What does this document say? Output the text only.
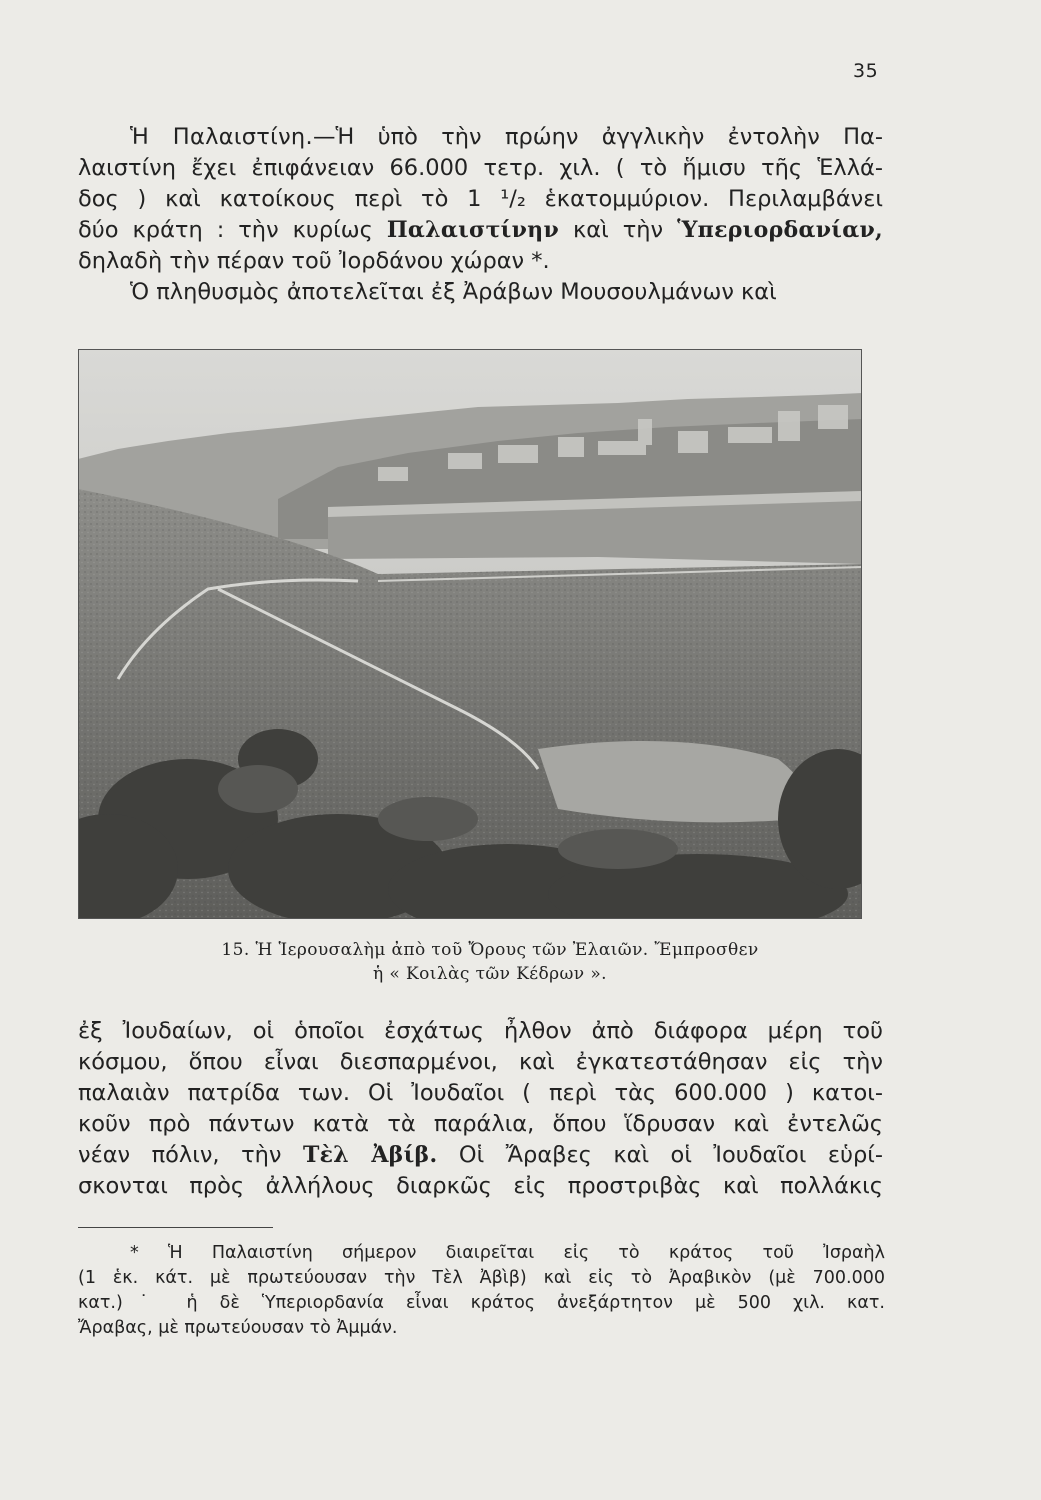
35
Ἡ Παλαιστίνη.—Ἡ ὑπὸ τὴν πρώην ἀγγλικὴν ἐντολὴν Πα-
λαιστίνη ἔχει ἐπιφάνειαν 66.000 τετρ. χιλ. ( τὸ ἥμισυ τῆς Ἑλλά-
δος ) καὶ κατοίκους περὶ τὸ 1 ¹/₂ ἑκατομμύριον. Περιλαμβάνει
δύο κράτη : τὴν κυρίως Παλαιστίνην καὶ τὴν Ὑπεριορδανίαν,
δηλαδὴ τὴν πέραν τοῦ Ἰορδάνου χώραν *.
Ὁ πληθυσμὸς ἀποτελεῖται ἐξ Ἀράβων Μουσουλμάνων καὶ
15. Ἡ Ἱερουσαλὴμ ἀπὸ τοῦ Ὄρους τῶν Ἐλαιῶν. Ἔμπροσθεν
ἡ « Κοιλὰς τῶν Κέδρων ».
ἐξ Ἰουδαίων, οἱ ὁποῖοι ἐσχάτως ἦλθον ἀπὸ διάφορα μέρη τοῦ
κόσμου, ὅπου εἶναι διεσπαρμένοι, καὶ ἐγκατεστάθησαν εἰς τὴν
παλαιὰν πατρίδα των. Οἱ Ἰουδαῖοι ( περὶ τὰς 600.000 ) κατοι-
κοῦν πρὸ πάντων κατὰ τὰ παράλια, ὅπου ἵδρυσαν καὶ ἐντελῶς
νέαν πόλιν, τὴν Τὲλ Ἀβίβ. Οἱ Ἄραβες καὶ οἱ Ἰουδαῖοι εὑρί-
σκονται πρὸς ἀλλήλους διαρκῶς εἰς προστριβὰς καὶ πολλάκις
* Ἡ Παλαιστίνη σήμερον διαιρεῖται εἰς τὸ κράτος τοῦ Ἰσραὴλ
(1 ἑκ. κάτ. μὲ πρωτεύουσαν τὴν Τὲλ Ἀβὶβ) καὶ εἰς τὸ Ἀραβικὸν (μὲ 700.000
κατ.)˙ ἡ δὲ Ὑπεριορδανία εἶναι κράτος ἀνεξάρτητον μὲ 500 χιλ. κατ.
Ἄραβας, μὲ πρωτεύουσαν τὸ Ἀμμάν.
